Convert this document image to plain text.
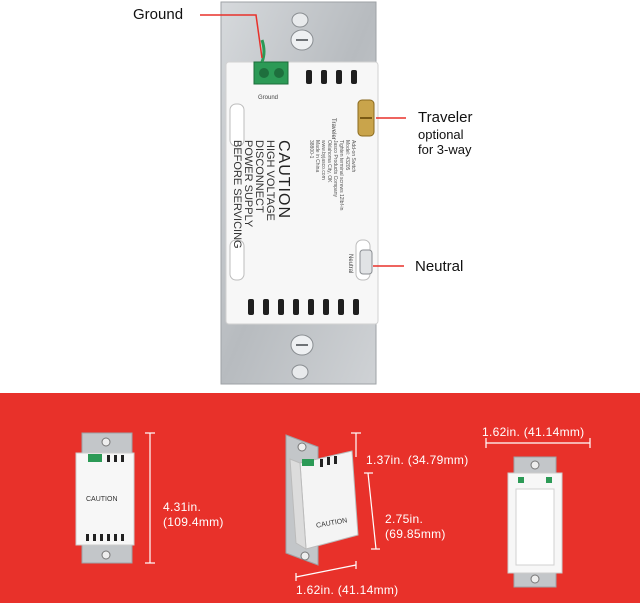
Ground
Traveler
optional
for 3-way
Neutral
Ground
Traveler
Neutral
CAUTION
HIGH VOLTAGE
DISCONNECT
POWER SUPPLY
BEFORE SERVICING	Add-on Switch
Model: 43205
Tighten terminal screws 12lbf-in
Jasco Products Company
Oklahoma City, OK
www.byjasco.com
Made in China
38800-1
CAUTION
CAUTION
4.31in.
(109.4mm)
1.37in. (34.79mm)
2.75in.
(69.85mm)
1.62in. (41.14mm)
1.62in. (41.14mm)
